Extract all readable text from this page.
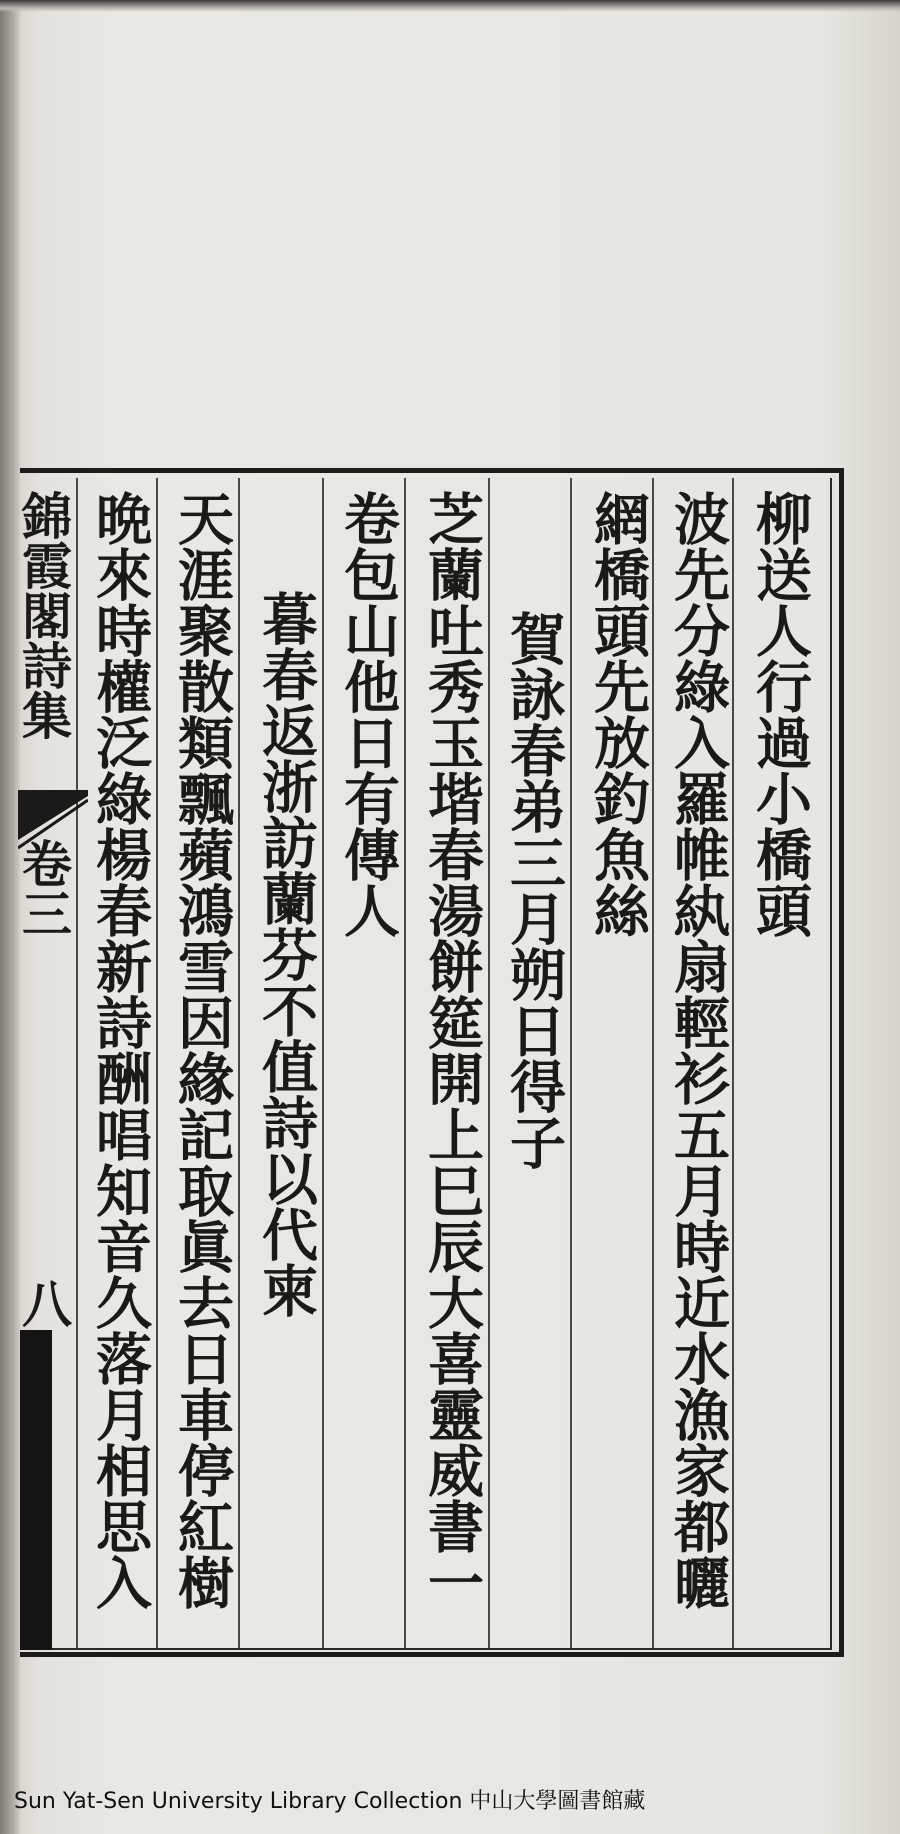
柳送人行過小橋頭
波先分綠入羅帷紈扇輕衫五月時近水漁家都曬
網橋頭先放釣魚絲
賀詠春弟三月朔日得子
芝蘭吐秀玉堦春湯餅筵開上巳辰大喜靈威書一
卷包山他日有傳人
暮春返浙訪蘭芬不值詩以代柬
天涯聚散類飄蘋鴻雪因緣記取眞去日車停紅樹
晩來時權泛綠楊春新詩酬唱知音久落月相思入
錦霞閣詩集
卷三
八
Sun Yat-Sen University Library Collection 中山大學圖書館藏
